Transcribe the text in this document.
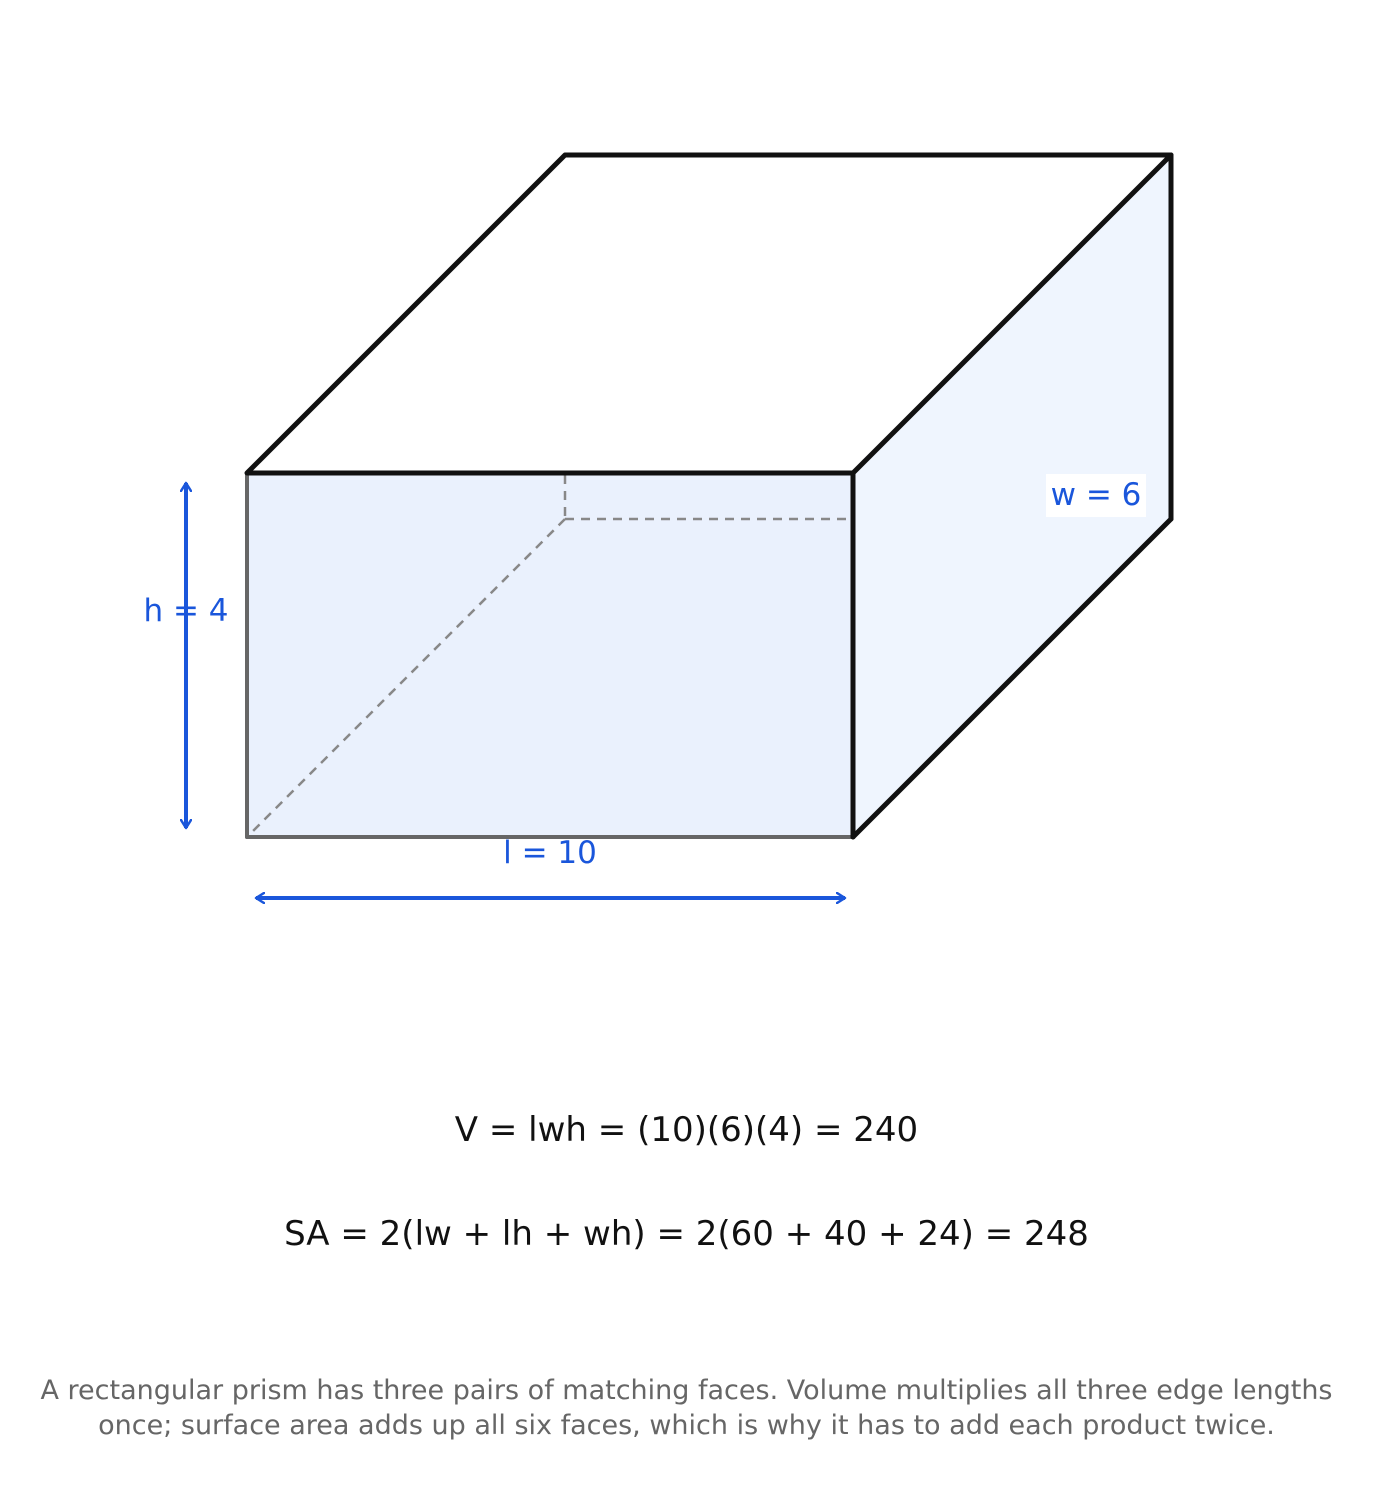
h = 4
l = 10
w = 6
V = lwh = (10)(6)(4) = 240
SA = 2(lw + lh + wh) = 2(60 + 40 + 24) = 248
A rectangular prism has three pairs of matching faces. Volume multiplies all three edge lengths once; surface area adds up all six faces, which is why it has to add each product twice.
